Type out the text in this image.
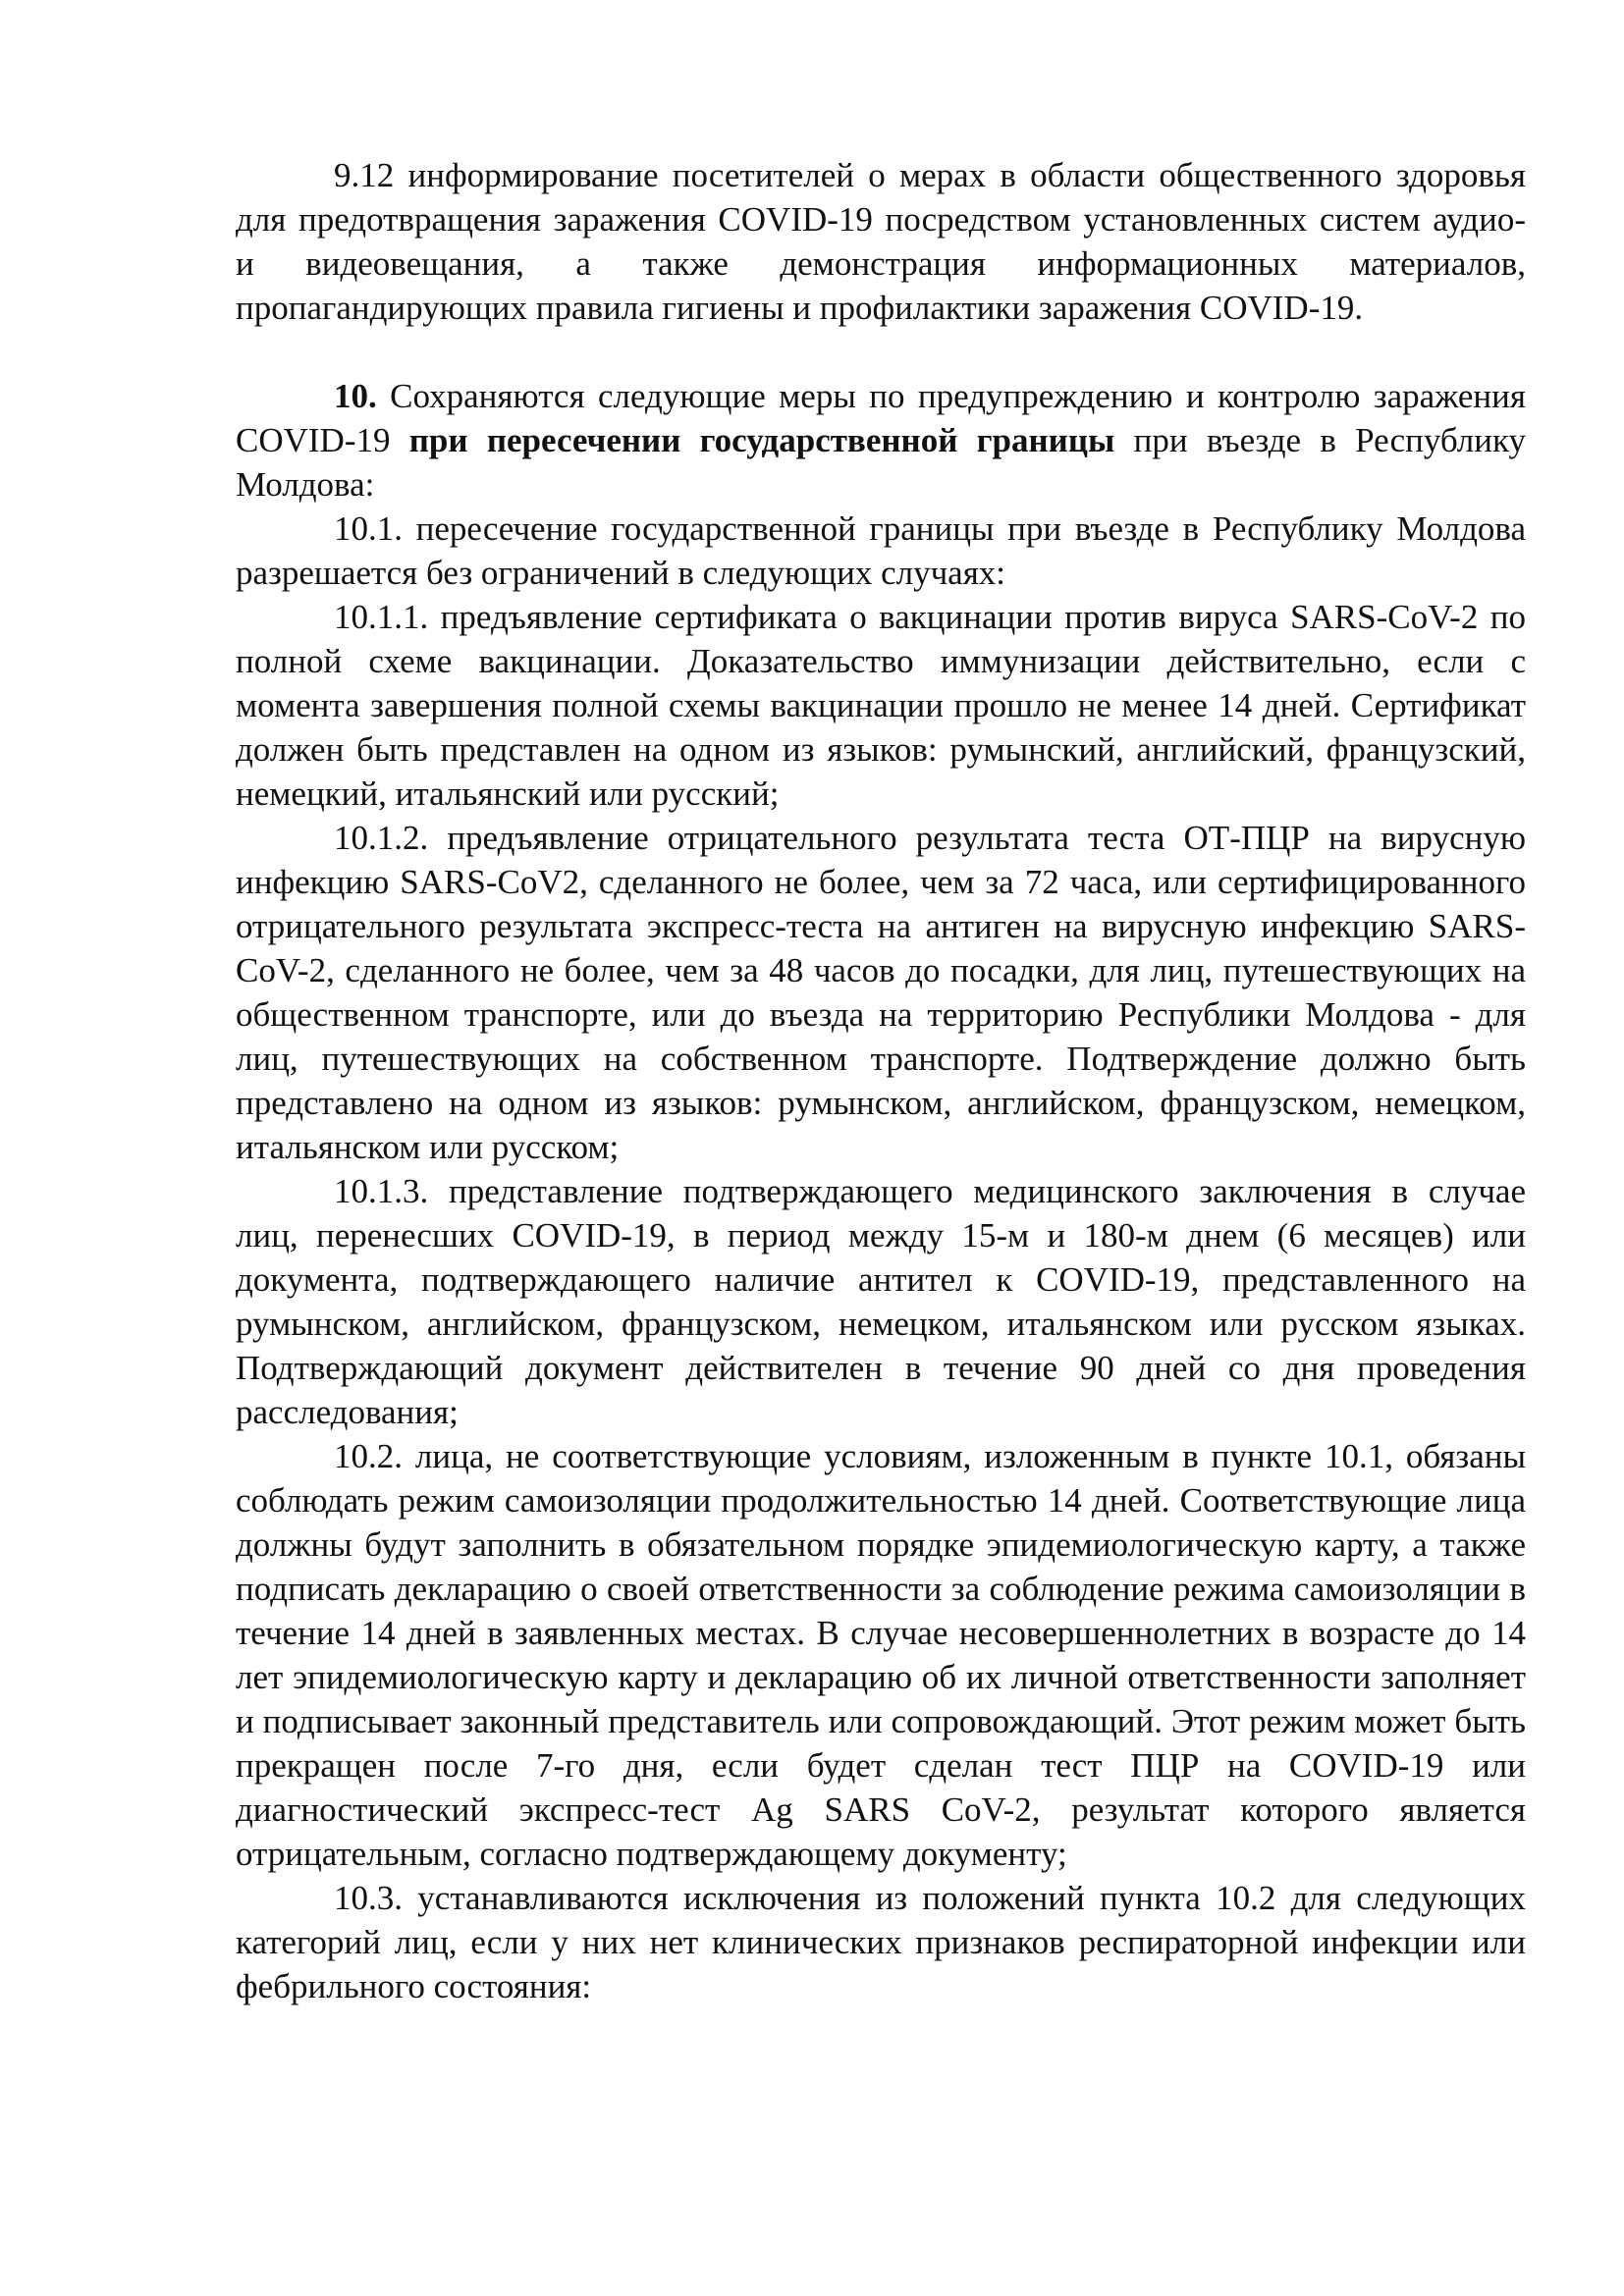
9.12 информирование посетителей о мерах в области общественного здоровья для предотвращения заражения COVID-19 посредством установленных систем аудио- и видеовещания, а также демонстрация информационных материалов, пропагандирующих правила гигиены и профилактики заражения COVID-19.

10. Сохраняются следующие меры по предупреждению и контролю заражения COVID-19 при пересечении государственной границы при въезде в Республику Молдова:

10.1. пересечение государственной границы при въезде в Республику Молдова разрешается без ограничений в следующих случаях:

10.1.1. предъявление сертификата о вакцинации против вируса SARS-CoV-2 по полной схеме вакцинации. Доказательство иммунизации действительно, если с момента завершения полной схемы вакцинации прошло не менее 14 дней. Сертификат должен быть представлен на одном из языков: румынский, английский, французский, немецкий, итальянский или русский;

10.1.2. предъявление отрицательного результата теста ОТ-ПЦР на вирусную инфекцию SARS-CoV2, сделанного не более, чем за 72 часа, или сертифицированного отрицательного результата экспресс-теста на антиген на вирусную инфекцию SARS-CoV-2, сделанного не более, чем за 48 часов до посадки, для лиц, путешествующих на общественном транспорте, или до въезда на территорию Республики Молдова - для лиц, путешествующих на собственном транспорте. Подтверждение должно быть представлено на одном из языков: румынском, английском, французском, немецком, итальянском или русском;

10.1.3. представление подтверждающего медицинского заключения в случае лиц, перенесших COVID-19, в период между 15-м и 180-м днем (6 месяцев) или документа, подтверждающего наличие антител к COVID-19, представленного на румынском, английском, французском, немецком, итальянском или русском языках. Подтверждающий документ действителен в течение 90 дней со дня проведения расследования;

10.2. лица, не соответствующие условиям, изложенным в пункте 10.1, обязаны соблюдать режим самоизоляции продолжительностью 14 дней. Соответствующие лица должны будут заполнить в обязательном порядке эпидемиологическую карту, а также подписать декларацию о своей ответственности за соблюдение режима самоизоляции в течение 14 дней в заявленных местах. В случае несовершеннолетних в возрасте до 14 лет эпидемиологическую карту и декларацию об их личной ответственности заполняет и подписывает законный представитель или сопровождающий. Этот режим может быть прекращен после 7-го дня, если будет сделан тест ПЦР на COVID-19 или диагностический экспресс-тест Ag SARS CoV-2, результат которого является отрицательным, согласно подтверждающему документу;

10.3. устанавливаются исключения из положений пункта 10.2 для следующих категорий лиц, если у них нет клинических признаков респираторной инфекции или фебрильного состояния:
